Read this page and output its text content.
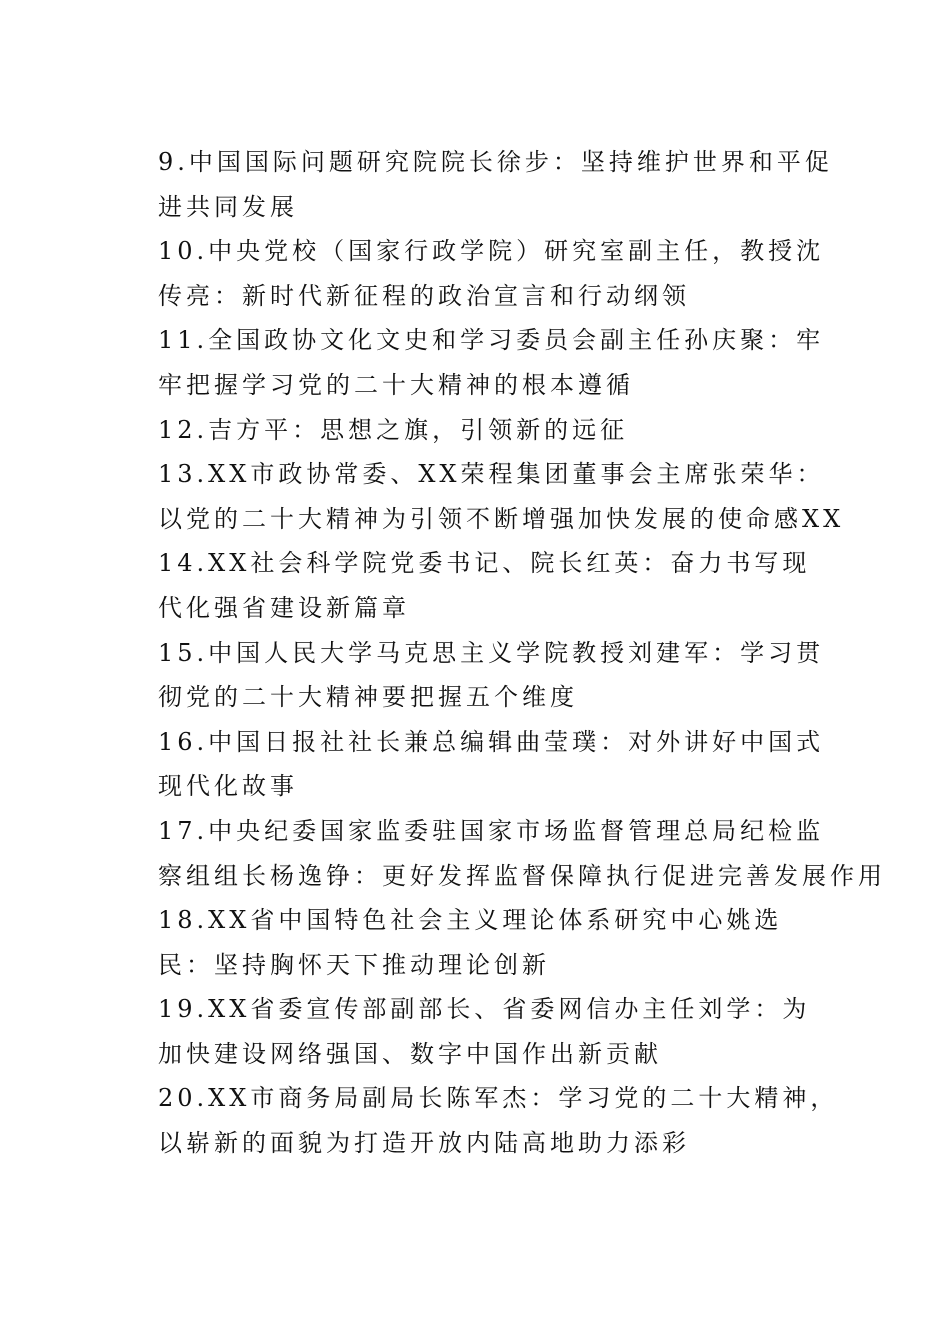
9.中国国际问题研究院院长徐步：坚持维护世界和平促
进共同发展
10.中央党校（国家行政学院）研究室副主任，教授沈
传亮：新时代新征程的政治宣言和行动纲领
11.全国政协文化文史和学习委员会副主任孙庆聚：牢
牢把握学习党的二十大精神的根本遵循
12.吉方平：思想之旗，引领新的远征
13.XX市政协常委、XX荣程集团董事会主席张荣华：
以党的二十大精神为引领不断增强加快发展的使命感XX
14.XX社会科学院党委书记、院长红英：奋力书写现
代化强省建设新篇章
15.中国人民大学马克思主义学院教授刘建军：学习贯
彻党的二十大精神要把握五个维度
16.中国日报社社长兼总编辑曲莹璞：对外讲好中国式
现代化故事
17.中央纪委国家监委驻国家市场监督管理总局纪检监
察组组长杨逸铮：更好发挥监督保障执行促进完善发展作用
18.XX省中国特色社会主义理论体系研究中心姚选
民：坚持胸怀天下推动理论创新
19.XX省委宣传部副部长、省委网信办主任刘学：为
加快建设网络强国、数字中国作出新贡献
20.XX市商务局副局长陈军杰：学习党的二十大精神，
以崭新的面貌为打造开放内陆高地助力添彩
